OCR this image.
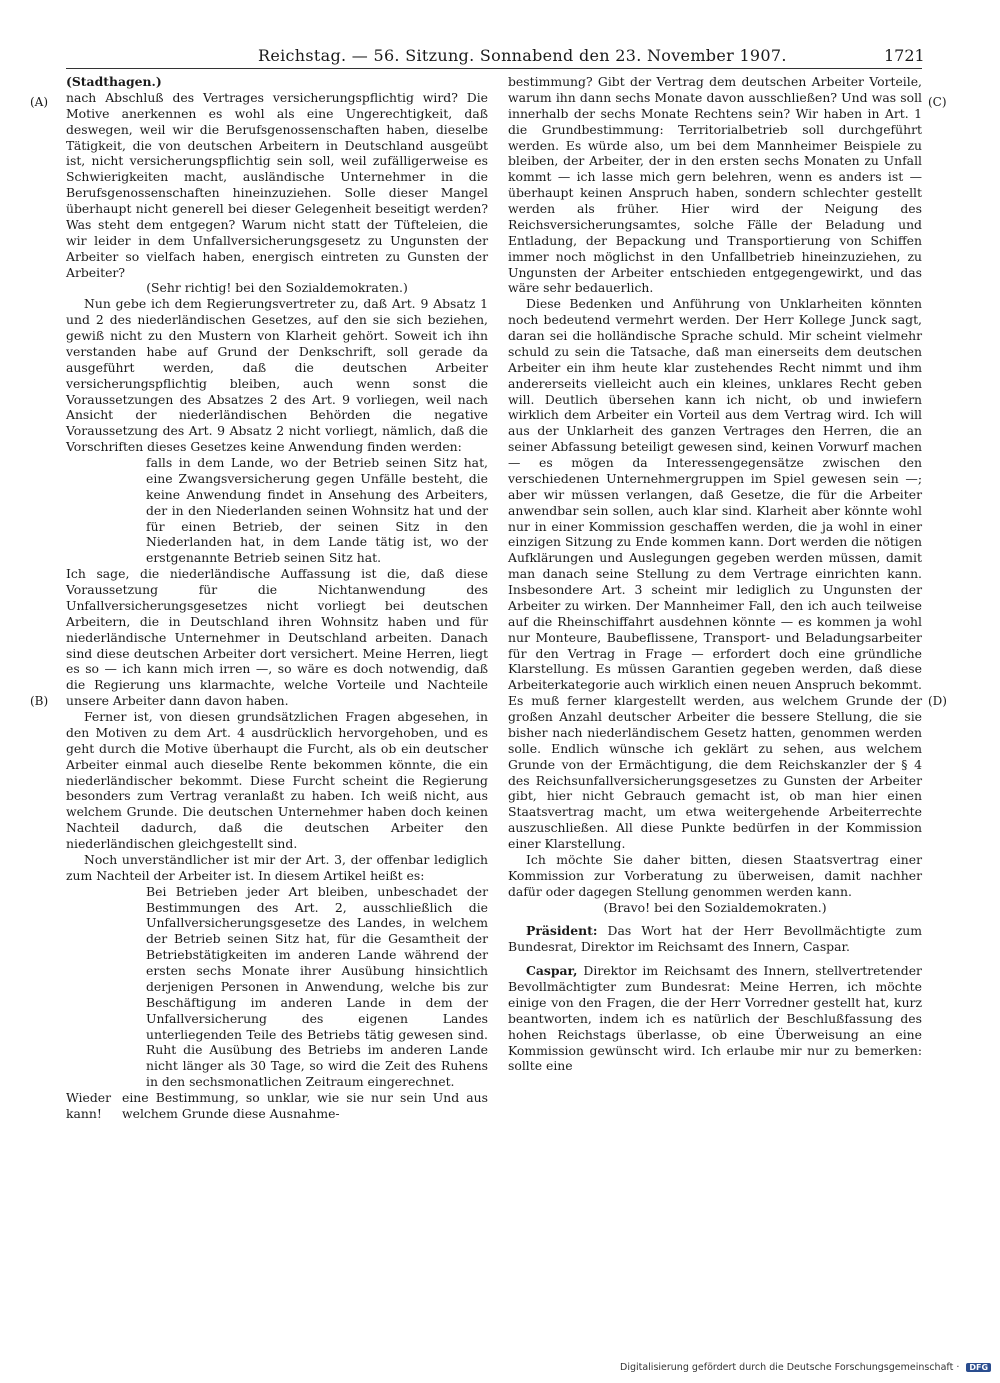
Reichstag. — 56. Sitzung. Sonnabend den 23. November 1907.	1721
(A)
(B)
(C)
(D)

(Stadthagen.)

nach Abschluß des Vertrages versicherungspflichtig wird? Die Motive anerkennen es wohl als eine Ungerechtigkeit, daß deswegen, weil wir die Berufsgenossenschaften haben, dieselbe Tätigkeit, die von deutschen Arbeitern in Deutschland ausgeübt ist, nicht versicherungspflichtig sein soll, weil zufälligerweise es Schwierigkeiten macht, ausländische Unternehmer in die Berufsgenossenschaften hineinzuziehen. Solle dieser Mangel überhaupt nicht generell bei dieser Gelegenheit beseitigt werden? Was steht dem entgegen? Warum nicht statt der Tüfteleien, die wir leider in dem Unfallversicherungsgesetz zu Ungunsten der Arbeiter so vielfach haben, energisch eintreten zu Gunsten der Arbeiter?

(Sehr richtig! bei den Sozialdemokraten.)

Nun gebe ich dem Regierungsvertreter zu, daß Art. 9 Absatz 1 und 2 des niederländischen Gesetzes, auf den sie sich beziehen, gewiß nicht zu den Mustern von Klarheit gehört. Soweit ich ihn verstanden habe auf Grund der Denkschrift, soll gerade da ausgeführt werden, daß die deutschen Arbeiter versicherungspflichtig bleiben, auch wenn sonst die Voraussetzungen des Absatzes 2 des Art. 9 vorliegen, weil nach Ansicht der niederländischen Behörden die negative Voraussetzung des Art. 9 Absatz 2 nicht vorliegt, nämlich, daß die Vorschriften dieses Gesetzes keine Anwendung finden werden:

falls in dem Lande, wo der Betrieb seinen Sitz hat, eine Zwangsversicherung gegen Unfälle besteht, die keine Anwendung findet in Ansehung des Arbeiters, der in den Niederlanden seinen Wohnsitz hat und der für einen Betrieb, der seinen Sitz in den Niederlanden hat, in dem Lande tätig ist, wo der erstgenannte Betrieb seinen Sitz hat.

Ich sage, die niederländische Auffassung ist die, daß diese Voraussetzung für die Nichtanwendung des Unfallversicherungsgesetzes nicht vorliegt bei deutschen Arbeitern, die in Deutschland ihren Wohnsitz haben und für niederländische Unternehmer in Deutschland arbeiten. Danach sind diese deutschen Arbeiter dort versichert. Meine Herren, liegt es so — ich kann mich irren —, so wäre es doch notwendig, daß die Regierung uns klarmachte, welche Vorteile und Nachteile unsere Arbeiter dann davon haben.

Ferner ist, von diesen grundsätzlichen Fragen abgesehen, in den Motiven zu dem Art. 4 ausdrücklich hervorgehoben, und es geht durch die Motive überhaupt die Furcht, als ob ein deutscher Arbeiter einmal auch dieselbe Rente bekommen könnte, die ein niederländischer bekommt. Diese Furcht scheint die Regierung besonders zum Vertrag veranlaßt zu haben. Ich weiß nicht, aus welchem Grunde. Die deutschen Unternehmer haben doch keinen Nachteil dadurch, daß die deutschen Arbeiter den niederländischen gleichgestellt sind.

Noch unverständlicher ist mir der Art. 3, der offenbar lediglich zum Nachteil der Arbeiter ist. In diesem Artikel heißt es:

Bei Betrieben jeder Art bleiben, unbeschadet der Bestimmungen des Art. 2, ausschließlich die Unfallversicherungsgesetze des Landes, in welchem der Betrieb seinen Sitz hat, für die Gesamtheit der Betriebstätigkeiten im anderen Lande während der ersten sechs Monate ihrer Ausübung hinsichtlich derjenigen Personen in Anwendung, welche bis zur Beschäftigung im anderen Lande in dem der Unfallversicherung des eigenen Landes unterliegenden Teile des Betriebs tätig gewesen sind. Ruht die Ausübung des Betriebs im anderen Lande nicht länger als 30 Tage, so wird die Zeit des Ruhens in den sechsmonatlichen Zeitraum eingerechnet.

Wieder kann!
eine Bestimmung, so unklar, wie sie nur sein Und aus welchem Grunde diese Ausnahme-

bestimmung? Gibt der Vertrag dem deutschen Arbeiter Vorteile, warum ihn dann sechs Monate davon ausschließen? Und was soll innerhalb der sechs Monate Rechtens sein? Wir haben in Art. 1 die Grundbestimmung: Territorialbetrieb soll durchgeführt werden. Es würde also, um bei dem Mannheimer Beispiele zu bleiben, der Arbeiter, der in den ersten sechs Monaten zu Unfall kommt — ich lasse mich gern belehren, wenn es anders ist — überhaupt keinen Anspruch haben, sondern schlechter gestellt werden als früher. Hier wird der Neigung des Reichsversicherungsamtes, solche Fälle der Beladung und Entladung, der Bepackung und Transportierung von Schiffen immer noch möglichst in den Unfallbetrieb hineinzuziehen, zu Ungunsten der Arbeiter entschieden entgegengewirkt, und das wäre sehr bedauerlich.

Diese Bedenken und Anführung von Unklarheiten könnten noch bedeutend vermehrt werden. Der Herr Kollege Junck sagt, daran sei die holländische Sprache schuld. Mir scheint vielmehr schuld zu sein die Tatsache, daß man einerseits dem deutschen Arbeiter ein ihm heute klar zustehendes Recht nimmt und ihm andererseits vielleicht auch ein kleines, unklares Recht geben will. Deutlich übersehen kann ich nicht, ob und inwiefern wirklich dem Arbeiter ein Vorteil aus dem Vertrag wird. Ich will aus der Unklarheit des ganzen Vertrages den Herren, die an seiner Abfassung beteiligt gewesen sind, keinen Vorwurf machen — es mögen da Interessengegensätze zwischen den verschiedenen Unternehmergruppen im Spiel gewesen sein —; aber wir müssen verlangen, daß Gesetze, die für die Arbeiter anwendbar sein sollen, auch klar sind. Klarheit aber könnte wohl nur in einer Kommission geschaffen werden, die ja wohl in einer einzigen Sitzung zu Ende kommen kann. Dort werden die nötigen Aufklärungen und Auslegungen gegeben werden müssen, damit man danach seine Stellung zu dem Vertrage einrichten kann. Insbesondere Art. 3 scheint mir lediglich zu Ungunsten der Arbeiter zu wirken. Der Mannheimer Fall, den ich auch teilweise auf die Rheinschiffahrt ausdehnen könnte — es kommen ja wohl nur Monteure, Baubeflissene, Transport- und Beladungsarbeiter für den Vertrag in Frage — erfordert doch eine gründliche Klarstellung. Es müssen Garantien gegeben werden, daß diese Arbeiterkategorie auch wirklich einen neuen Anspruch bekommt. Es muß ferner klargestellt werden, aus welchem Grunde der großen Anzahl deutscher Arbeiter die bessere Stellung, die sie bisher nach niederländischem Gesetz hatten, genommen werden solle. Endlich wünsche ich geklärt zu sehen, aus welchem Grunde von der Ermächtigung, die dem Reichskanzler der § 4 des Reichsunfallversicherungsgesetzes zu Gunsten der Arbeiter gibt, hier nicht Gebrauch gemacht ist, ob man hier einen Staatsvertrag macht, um etwa weitergehende Arbeiterrechte auszuschließen. All diese Punkte bedürfen in der Kommission einer Klarstellung.

Ich möchte Sie daher bitten, diesen Staatsvertrag einer Kommission zur Vorberatung zu überweisen, damit nachher dafür oder dagegen Stellung genommen werden kann.

(Bravo! bei den Sozialdemokraten.)

Präsident: Das Wort hat der Herr Bevollmächtigte zum Bundesrat, Direktor im Reichsamt des Innern, Caspar.

Caspar, Direktor im Reichsamt des Innern, stellvertretender Bevollmächtigter zum Bundesrat: Meine Herren, ich möchte einige von den Fragen, die der Herr Vorredner gestellt hat, kurz beantworten, indem ich es natürlich der Beschlußfassung des hohen Reichstags überlasse, ob eine Überweisung an eine Kommission gewünscht wird. Ich erlaube mir nur zu bemerken: sollte eine

Digitalisierung gefördert durch die Deutsche Forschungsgemeinschaft · DFG
